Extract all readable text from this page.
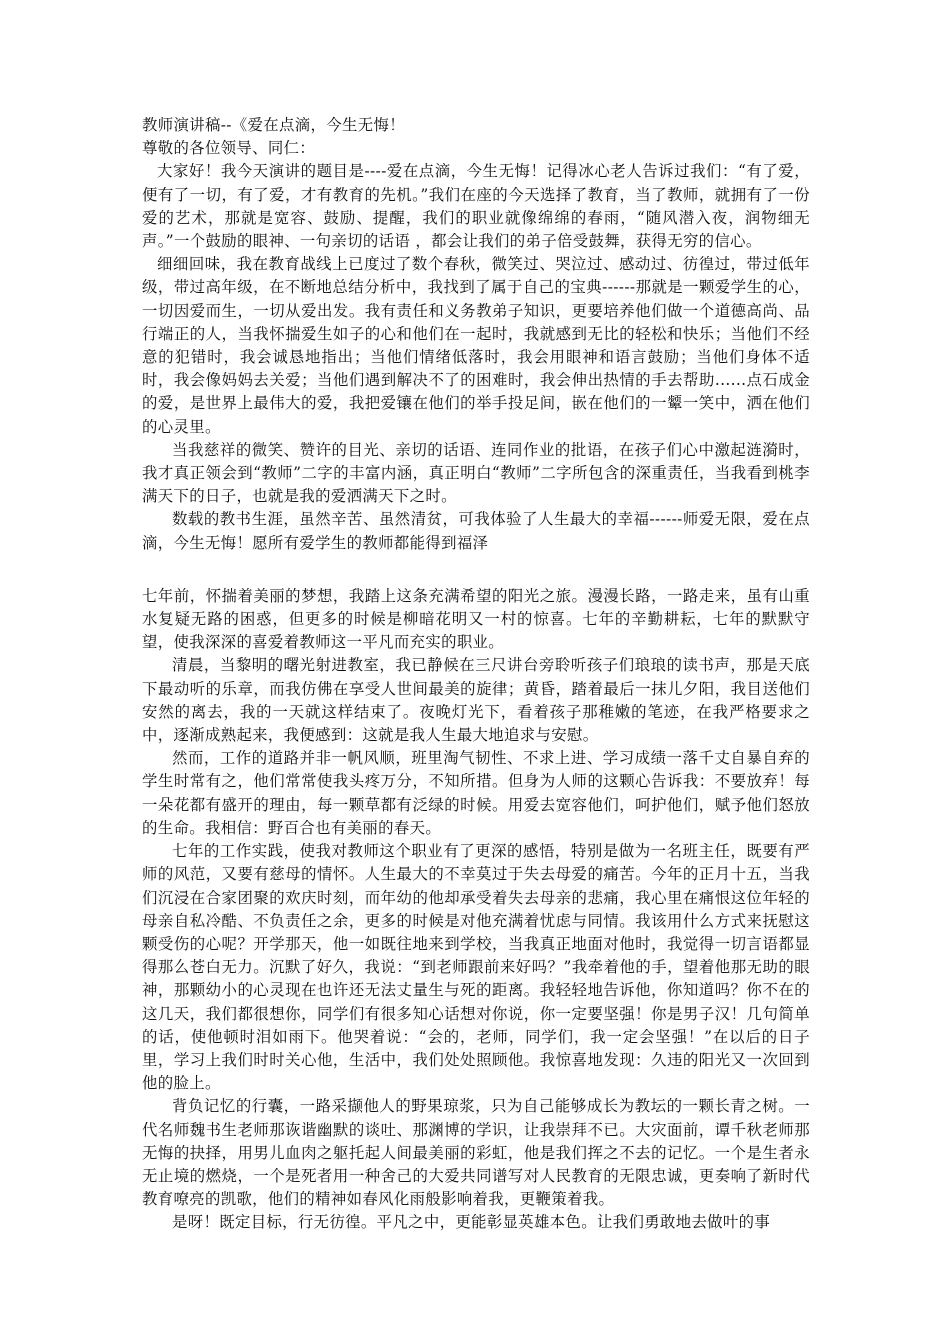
教师演讲稿--《爱在点滴，今生无悔！

尊敬的各位领导、同仁：

大家好！我今天演讲的题目是----爱在点滴，今生无悔！记得冰心老人告诉过我们：“有了爱，便有了一切，有了爱，才有教育的先机。”我们在座的今天选择了教育，当了教师，就拥有了一份爱的艺术，那就是宽容、鼓励、提醒，我们的职业就像绵绵的春雨，“随风潜入夜，润物细无声。”一个鼓励的眼神、一句亲切的话语 ，都会让我们的弟子倍受鼓舞，获得无穷的信心。

细细回味，我在教育战线上已度过了数个春秋，微笑过、哭泣过、感动过、彷徨过，带过低年级，带过高年级，在不断地总结分析中，我找到了属于自己的宝典------那就是一颗爱学生的心，一切因爱而生，一切从爱出发。我有责任和义务教弟子知识，更要培养他们做一个道德高尚、品行端正的人，当我怀揣爱生如子的心和他们在一起时，我就感到无比的轻松和快乐；当他们不经意的犯错时，我会诚恳地指出；当他们情绪低落时，我会用眼神和语言鼓励；当他们身体不适时，我会像妈妈去关爱；当他们遇到解决不了的困难时，我会伸出热情的手去帮助......点石成金的爱，是世界上最伟大的爱，我把爱镶在他们的举手投足间，嵌在他们的一颦一笑中，洒在他们的心灵里。

当我慈祥的微笑、赞许的目光、亲切的话语、连同作业的批语，在孩子们心中激起涟漪时，我才真正领会到“教师”二字的丰富内涵，真正明白“教师”二字所包含的深重责任，当我看到桃李满天下的日子，也就是我的爱洒满天下之时。

数载的教书生涯，虽然辛苦、虽然清贫，可我体验了人生最大的幸福------师爱无限，爱在点滴，今生无悔！愿所有爱学生的教师都能得到福泽

七年前，怀揣着美丽的梦想，我踏上这条充满希望的阳光之旅。漫漫长路，一路走来，虽有山重水复疑无路的困惑，但更多的时候是柳暗花明又一村的惊喜。七年的辛勤耕耘，七年的默默守望，使我深深的喜爱着教师这一平凡而充实的职业。

清晨，当黎明的曙光射进教室，我已静候在三尺讲台旁聆听孩子们琅琅的读书声，那是天底下最动听的乐章，而我仿佛在享受人世间最美的旋律；黄昏，踏着最后一抹儿夕阳，我目送他们安然的离去，我的一天就这样结束了。夜晚灯光下，看着孩子那稚嫩的笔迹，在我严格要求之中，逐渐成熟起来，我便感到：这就是我人生最大地追求与安慰。

然而，工作的道路并非一帆风顺，班里淘气韧性、不求上进、学习成绩一落千丈自暴自弃的学生时常有之，他们常常使我头疼万分，不知所措。但身为人师的这颗心告诉我：不要放弃！每一朵花都有盛开的理由，每一颗草都有泛绿的时候。用爱去宽容他们，呵护他们，赋予他们怒放的生命。我相信：野百合也有美丽的春天。

七年的工作实践，使我对教师这个职业有了更深的感悟，特别是做为一名班主任，既要有严师的风范，又要有慈母的情怀。人生最大的不幸莫过于失去母爱的痛苦。今年的正月十五，当我们沉浸在合家团聚的欢庆时刻，而年幼的他却承受着失去母亲的悲痛，我心里在痛恨这位年轻的母亲自私冷酷、不负责任之余，更多的时候是对他充满着忧虑与同情。我该用什么方式来抚慰这颗受伤的心呢？开学那天，他一如既往地来到学校，当我真正地面对他时，我觉得一切言语都显得那么苍白无力。沉默了好久，我说：“到老师跟前来好吗？”我牵着他的手，望着他那无助的眼神，那颗幼小的心灵现在也许还无法丈量生与死的距离。我轻轻地告诉他，你知道吗？你不在的这几天，我们都很想你，同学们有很多知心话想对你说，你一定要坚强！你是男子汉！几句简单的话，使他顿时泪如雨下。他哭着说：“会的，老师，同学们，我一定会坚强！”在以后的日子里，学习上我们时时关心他，生活中，我们处处照顾他。我惊喜地发现：久违的阳光又一次回到他的脸上。

背负记忆的行囊，一路采撷他人的野果琼浆，只为自己能够成长为教坛的一颗长青之树。一代名师魏书生老师那诙谐幽默的谈吐、那渊博的学识，让我崇拜不已。大灾面前，谭千秋老师那无悔的抉择，用男儿血肉之躯托起人间最美丽的彩虹，他是我们挥之不去的记忆。一个是生者永无止境的燃烧，一个是死者用一种舍己的大爱共同谱写对人民教育的无限忠诚，更奏响了新时代教育嘹亮的凯歌，他们的精神如春风化雨般影响着我，更鞭策着我。

是呀！既定目标，行无彷徨。平凡之中，更能彰显英雄本色。让我们勇敢地去做叶的事
